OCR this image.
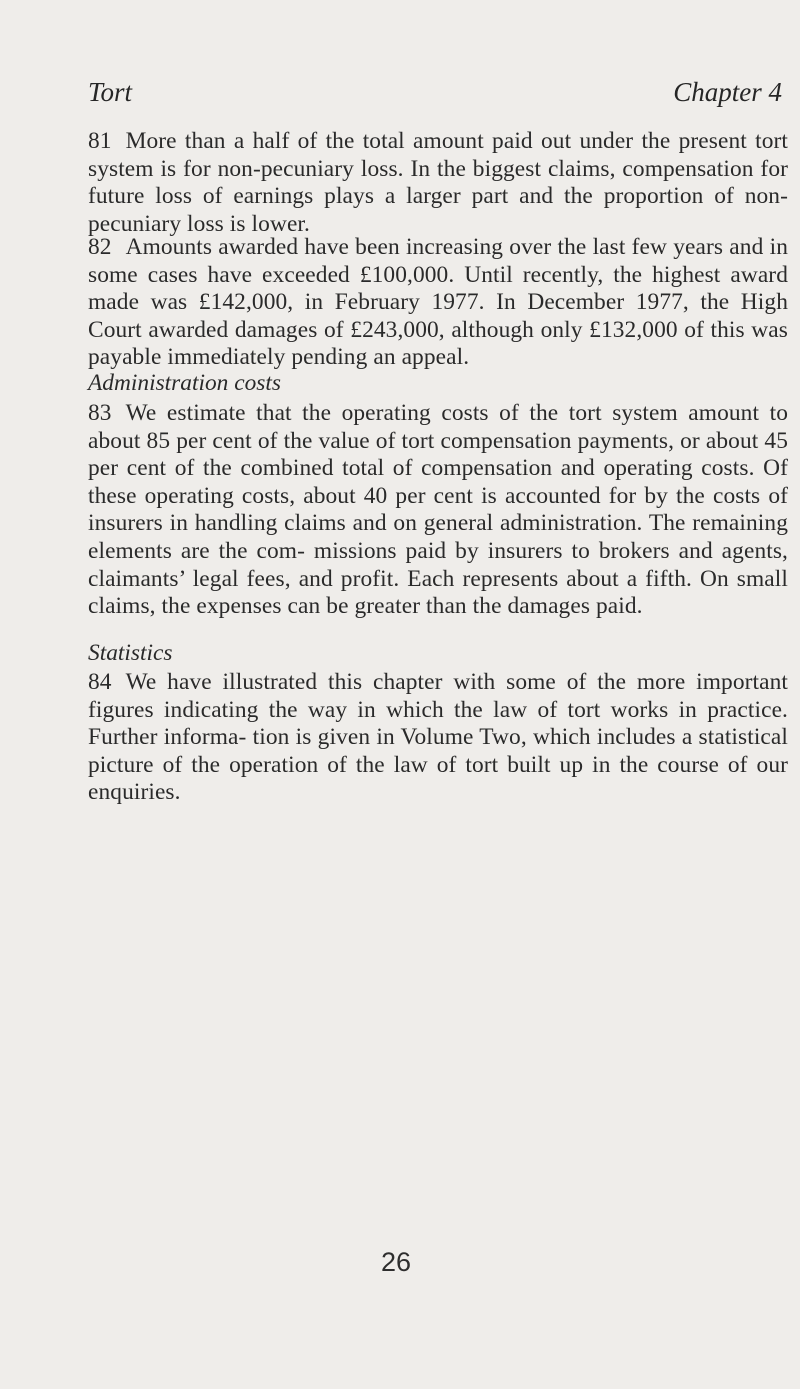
Tort	Chapter 4
81 More than a half of the total amount paid out under the present tort system is for non-pecuniary loss. In the biggest claims, compensation for future loss of earnings plays a larger part and the proportion of non-pecuniary loss is lower.
82 Amounts awarded have been increasing over the last few years and in some cases have exceeded £100,000. Until recently, the highest award made was £142,000, in February 1977. In December 1977, the High Court awarded damages of £243,000, although only £132,000 of this was payable immediately pending an appeal.
Administration costs
83 We estimate that the operating costs of the tort system amount to about 85 per cent of the value of tort compensation payments, or about 45 per cent of the combined total of compensation and operating costs. Of these operating costs, about 40 per cent is accounted for by the costs of insurers in handling claims and on general administration. The remaining elements are the com- missions paid by insurers to brokers and agents, claimants’ legal fees, and profit. Each represents about a fifth. On small claims, the expenses can be greater than the damages paid.
Statistics
84 We have illustrated this chapter with some of the more important figures indicating the way in which the law of tort works in practice. Further informa- tion is given in Volume Two, which includes a statistical picture of the operation of the law of tort built up in the course of our enquiries.
26
